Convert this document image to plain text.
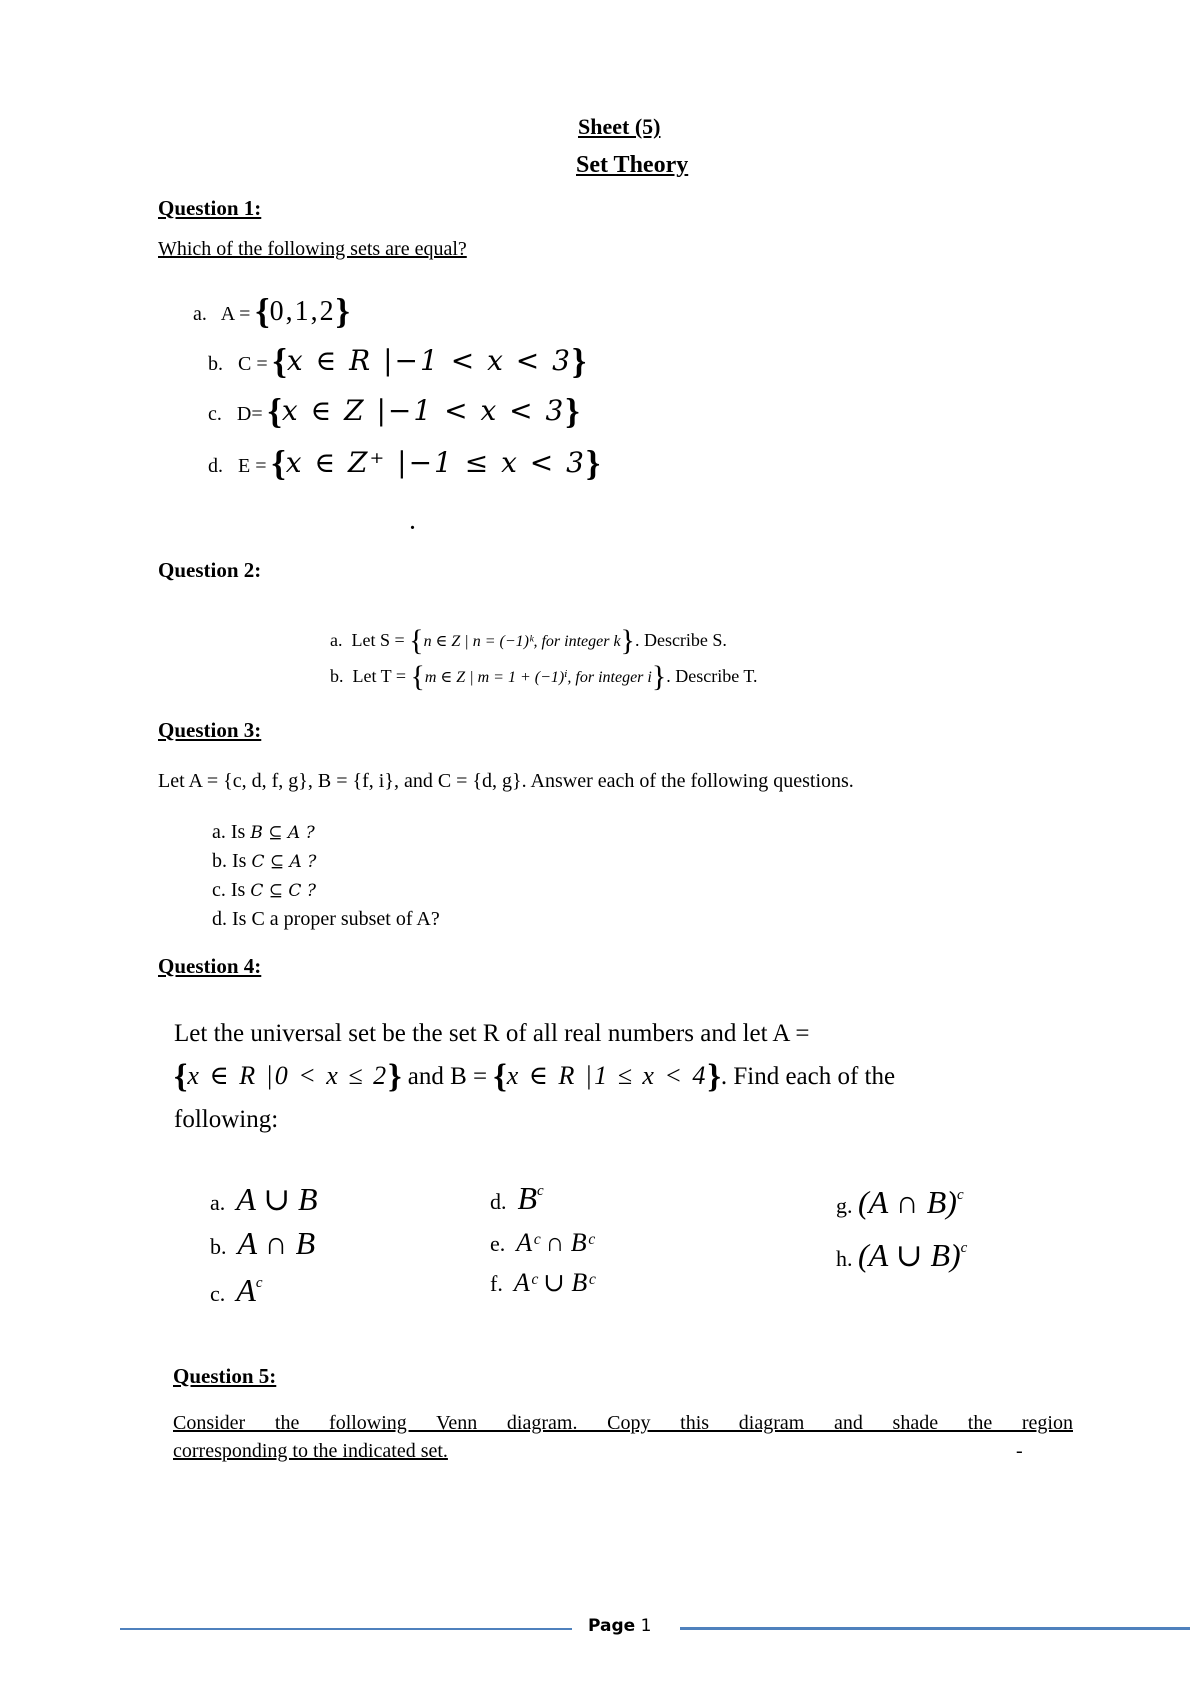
Sheet (5)
Set Theory
Question 1:
Which of the following sets are equal?
a. A = {0,1,2}
b. C = {x ∈ R |−1 < x < 3}
c. D= {x ∈ Z |−1 < x < 3}
d. E = {x ∈ Z⁺ |−1 ≤ x < 3}
.
Question 2:
a. Let S = {n ∈ Z | n = (−1)ᵏ, for integer k}. Describe S.
b. Let T = {m ∈ Z | m = 1 + (−1)ⁱ, for integer i}. Describe T.
Question 3:
Let A = {c, d, f, g}, B = {f, i}, and C = {d, g}. Answer each of the following questions.
a. Is B ⊆ A ?
b. Is C ⊆ A ?
c. Is C ⊆ C ?
d. Is C a proper subset of A?
Question 4:
Let the universal set be the set R of all real numbers and let A =
{x ∈ R |0 < x ≤ 2} and B = {x ∈ R |1 ≤ x < 4}. Find each of the
following:
a. A ∪ B
b. A ∩ B
c. $A^c$
d. $B^c$
e. Aᶜ ∩ Bᶜ
f. Aᶜ ∪ Bᶜ
g. (A ∩ B)$^c$
h. (A ∪ B)$^c$
Question 5:
Consider the following Venn diagram. Copy this diagram and shade the region
corresponding to the indicated set.	-
Page 1
